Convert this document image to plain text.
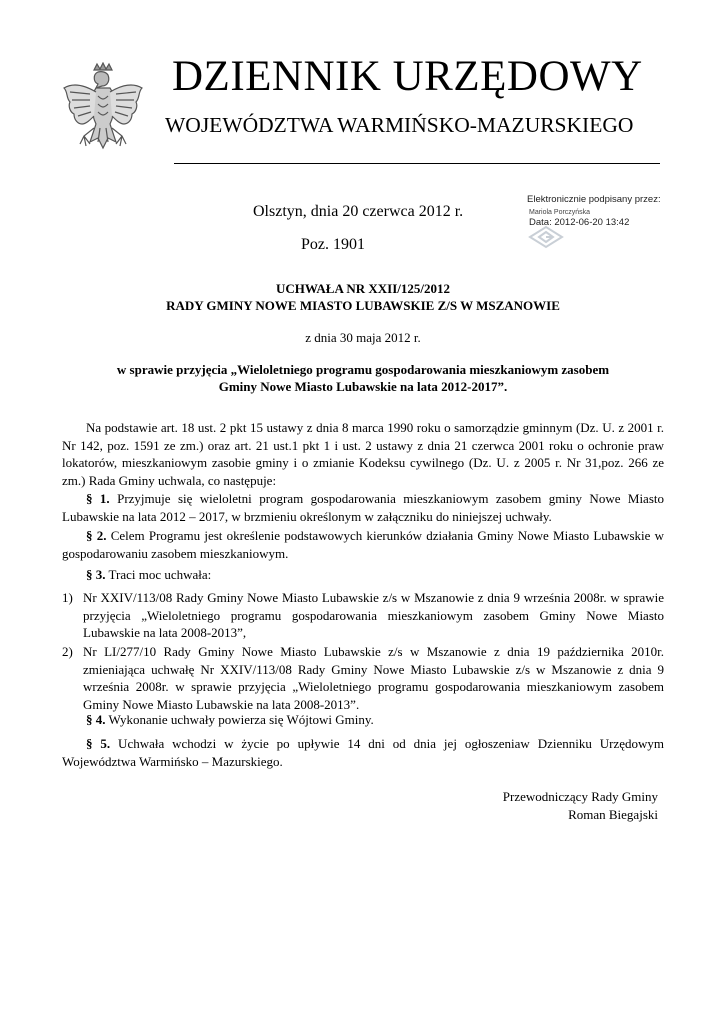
DZIENNIK URZĘDOWY
WOJEWÓDZTWA WARMIŃSKO-MAZURSKIEGO
Elektronicznie podpisany przez:
Mariola Porczyńska
Data: 2012-06-20 13:42
Olsztyn, dnia 20 czerwca 2012 r.
Poz. 1901
UCHWAŁA NR XXII/125/2012
RADY GMINY NOWE MIASTO LUBAWSKIE Z/S W MSZANOWIE
z dnia 30 maja 2012 r.
w sprawie przyjęcia „Wieloletniego programu gospodarowania mieszkaniowym zasobem
Gminy Nowe Miasto Lubawskie na lata 2012-2017”.

Na podstawie art. 18 ust. 2 pkt 15 ustawy z dnia 8 marca 1990 roku o samorządzie gminnym (Dz. U. z 2001 r. Nr 142, poz. 1591 ze zm.) oraz art. 21 ust.1 pkt 1 i ust. 2 ustawy z dnia 21 czerwca 2001 roku o ochronie praw lokatorów, mieszkaniowym zasobie gminy i o zmianie Kodeksu cywilnego (Dz. U. z 2005 r. Nr 31,poz. 266 ze zm.) Rada Gminy uchwala, co następuje:

§ 1. Przyjmuje się wieloletni program gospodarowania mieszkaniowym zasobem gminy Nowe Miasto Lubawskie na lata 2012 – 2017, w brzmieniu określonym w załączniku do niniejszej uchwały.

§ 2. Celem Programu jest określenie podstawowych kierunków działania Gminy Nowe Miasto Lubawskie w gospodarowaniu zasobem mieszkaniowym.

§ 3. Traci moc uchwała:

1) Nr XXIV/113/08 Rady Gminy Nowe Miasto Lubawskie z/s w Mszanowie z dnia 9 września 2008r. w sprawie przyjęcia „Wieloletniego programu gospodarowania mieszkaniowym zasobem Gminy Nowe Miasto Lubawskie na lata 2008-2013”,
2) Nr LI/277/10 Rady Gminy Nowe Miasto Lubawskie z/s w Mszanowie z dnia 19 października 2010r. zmieniająca uchwałę Nr XXIV/113/08 Rady Gminy Nowe Miasto Lubawskie z/s w Mszanowie z dnia 9 września 2008r. w sprawie przyjęcia „Wieloletniego programu gospodarowania mieszkaniowym zasobem Gminy Nowe Miasto Lubawskie na lata 2008-2013”.

§ 4. Wykonanie uchwały powierza się Wójtowi Gminy.

§ 5. Uchwała wchodzi w życie po upływie 14 dni od dnia jej ogłoszeniaw Dzienniku Urzędowym Województwa Warmińsko – Mazurskiego.

Przewodniczący Rady Gminy
Roman Biegajski
